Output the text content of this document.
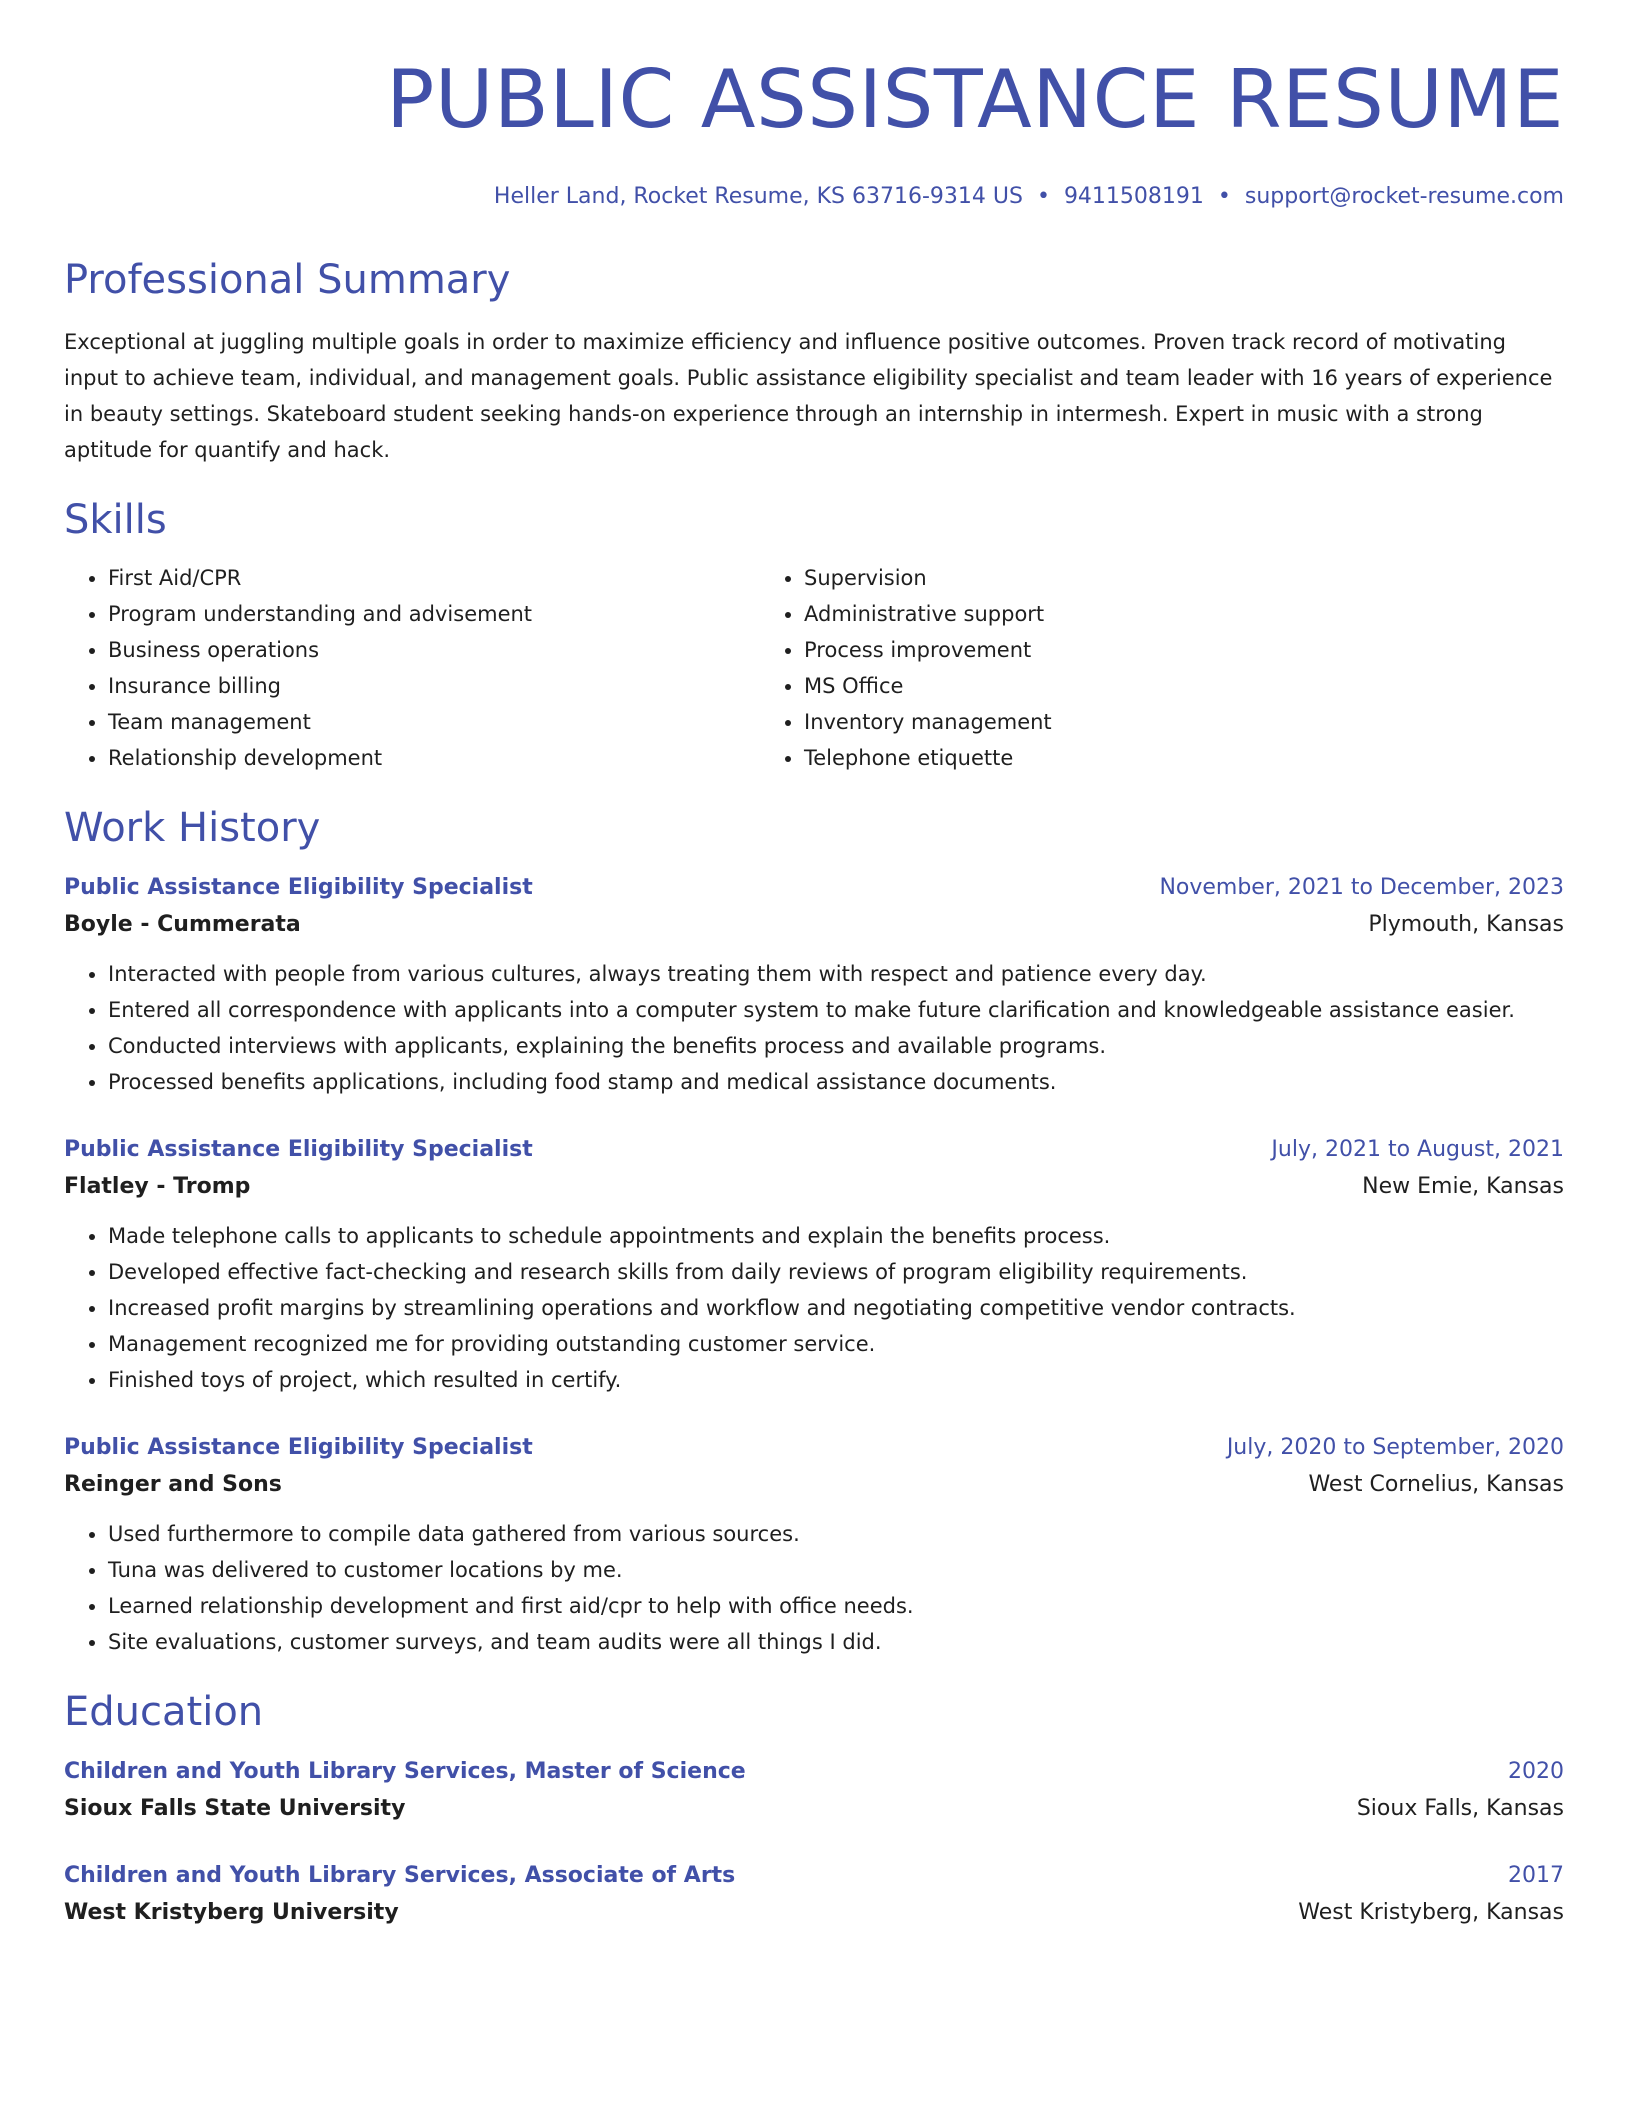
PUBLIC ASSISTANCE RESUME
Heller Land, Rocket Resume, KS 63716-9314 US • 9411508191 • support@rocket-resume.com
Professional Summary
Exceptional at juggling multiple goals in order to maximize efficiency and influence positive outcomes. Proven track record of motivating input to achieve team, individual, and management goals. Public assistance eligibility specialist and team leader with 16 years of experience in beauty settings. Skateboard student seeking hands-on experience through an internship in intermesh. Expert in music with a strong aptitude for quantify and hack.
Skills
• First Aid/CPR
• Program understanding and advisement
• Business operations
• Insurance billing
• Team management
• Relationship development
• Supervision
• Administrative support
• Process improvement
• MS Office
• Inventory management
• Telephone etiquette
Work History
Public Assistance Eligibility Specialist	November, 2021 to December, 2023
Boyle - Cummerata	Plymouth, Kansas
• Interacted with people from various cultures, always treating them with respect and patience every day.
• Entered all correspondence with applicants into a computer system to make future clarification and knowledgeable assistance easier.
• Conducted interviews with applicants, explaining the benefits process and available programs.
• Processed benefits applications, including food stamp and medical assistance documents.
Public Assistance Eligibility Specialist	July, 2021 to August, 2021
Flatley - Tromp	New Emie, Kansas
• Made telephone calls to applicants to schedule appointments and explain the benefits process.
• Developed effective fact-checking and research skills from daily reviews of program eligibility requirements.
• Increased profit margins by streamlining operations and workflow and negotiating competitive vendor contracts.
• Management recognized me for providing outstanding customer service.
• Finished toys of project, which resulted in certify.
Public Assistance Eligibility Specialist	July, 2020 to September, 2020
Reinger and Sons	West Cornelius, Kansas
• Used furthermore to compile data gathered from various sources.
• Tuna was delivered to customer locations by me.
• Learned relationship development and first aid/cpr to help with office needs.
• Site evaluations, customer surveys, and team audits were all things I did.
Education
Children and Youth Library Services, Master of Science	2020
Sioux Falls State University	Sioux Falls, Kansas
Children and Youth Library Services, Associate of Arts	2017
West Kristyberg University	West Kristyberg, Kansas
